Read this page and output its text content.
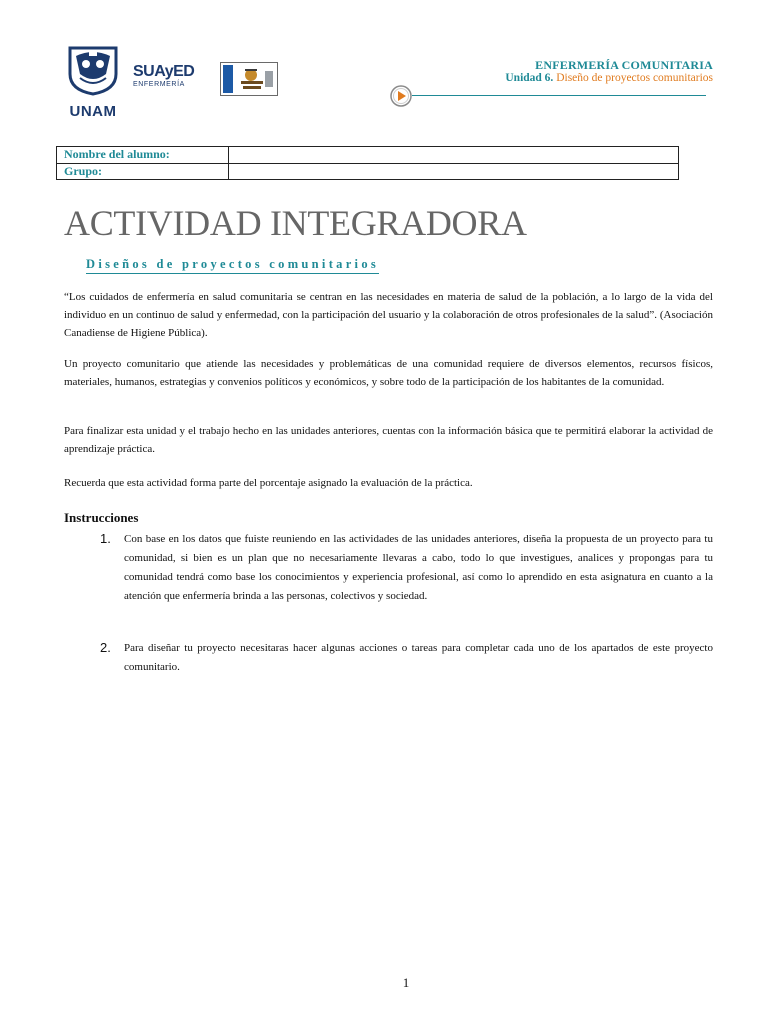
UNAM
SUAyED
ENFERMERÍA
ENFERMERÍA COMUNITARIA
Unidad 6. Diseño de proyectos comunitarios
Nombre del alumno:
Grupo:
ACTIVIDAD INTEGRADORA
Diseños de proyectos comunitarios

“Los cuidados de enfermería en salud comunitaria se centran en las necesidades en materia de salud de la población, a lo largo de la vida del individuo en un continuo de salud y enfermedad, con la participación del usuario y la colaboración de otros profesionales de la salud”. (Asociación Canadiense de Higiene Pública).

Un proyecto comunitario que atiende las necesidades y problemáticas de una comunidad requiere de diversos elementos, recursos físicos, materiales, humanos, estrategias y convenios políticos y económicos, y sobre todo de la participación de los habitantes de la comunidad.

Para finalizar esta unidad y el trabajo hecho en las unidades anteriores, cuentas con la información básica que te permitirá elaborar la actividad de aprendizaje práctica.

Recuerda que esta actividad forma parte del porcentaje asignado la evaluación de la práctica.

Instrucciones
1. Con base en los datos que fuiste reuniendo en las actividades de las unidades anteriores, diseña la propuesta de un proyecto para tu comunidad, si bien es un plan que no necesariamente llevaras a cabo, todo lo que investigues, analices y propongas para tu comunidad tendrá como base los conocimientos y experiencia profesional, así como lo aprendido en esta asignatura en cuanto a la atención que enfermería brinda a las personas, colectivos y sociedad.
2. Para diseñar tu proyecto necesitaras hacer algunas acciones o tareas para completar cada uno de los apartados de este proyecto comunitario.
1
